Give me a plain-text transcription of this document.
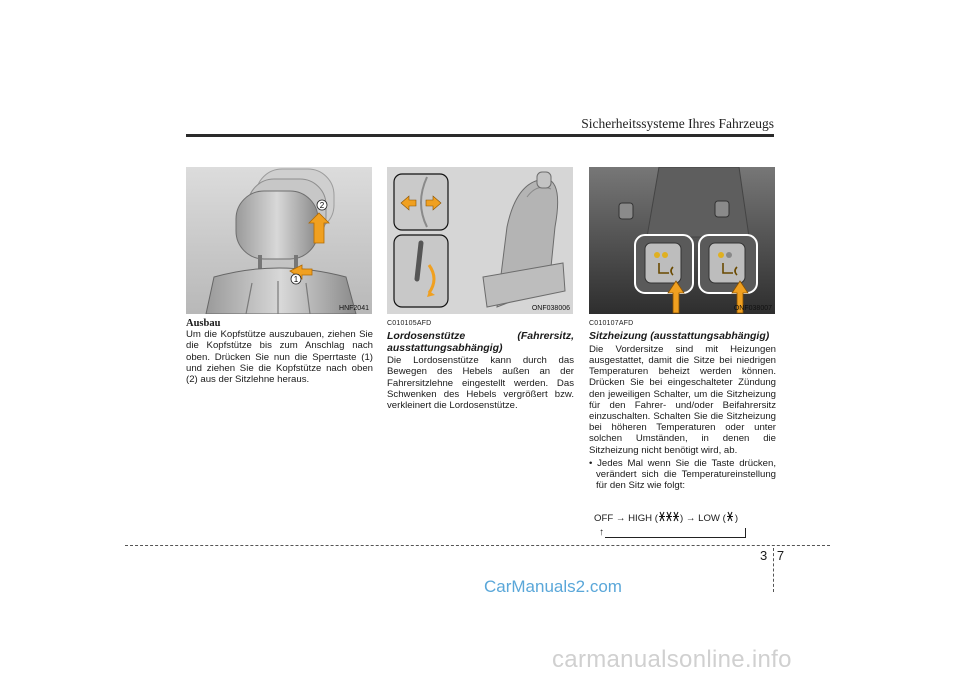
Sicherheitssysteme Ihres Fahrzeugs
2
1
HNF2041	ONF038006	ONF038007

Ausbau

Um die Kopfstütze auszubauen, ziehen Sie die Kopfstütze bis zum Anschlag nach oben. Drücken Sie nun die Sperrtaste (1) und ziehen Sie die Kopfstütze nach oben (2) aus der Sitzlehne heraus.

C010105AFD

Lordosenstütze (Fahrersitz, ausstattungsabhängig)

Die Lordosenstütze kann durch das Bewegen des Hebels außen an der Fahrersitzlehne eingestellt werden. Das Schwenken des Hebels vergrößert bzw. verkleinert die Lordosenstütze.

C010107AFD

Sitzheizung (ausstattungsabhängig)

Die Vordersitze sind mit Heizungen ausgestattet, damit die Sitze bei niedrigen Temperaturen beheizt werden können. Drücken Sie bei eingeschalteter Zündung den jeweiligen Schalter, um die Sitzheizung für den Fahrer- und/oder Beifahrersitz einzuschalten. Schalten Sie die Sitzheizung bei höheren Temperaturen oder unter solchen Umständen, in denen die Sitzheizung nicht benötigt wird, ab.

• Jedes Mal wenn Sie die Taste drücken, verändert sich die Temperatureinstellung für den Sitz wie folgt:

OFF → HIGH ( ) → LOW ( )
↑
3 7
CarManuals2.com
carmanualsonline.info
